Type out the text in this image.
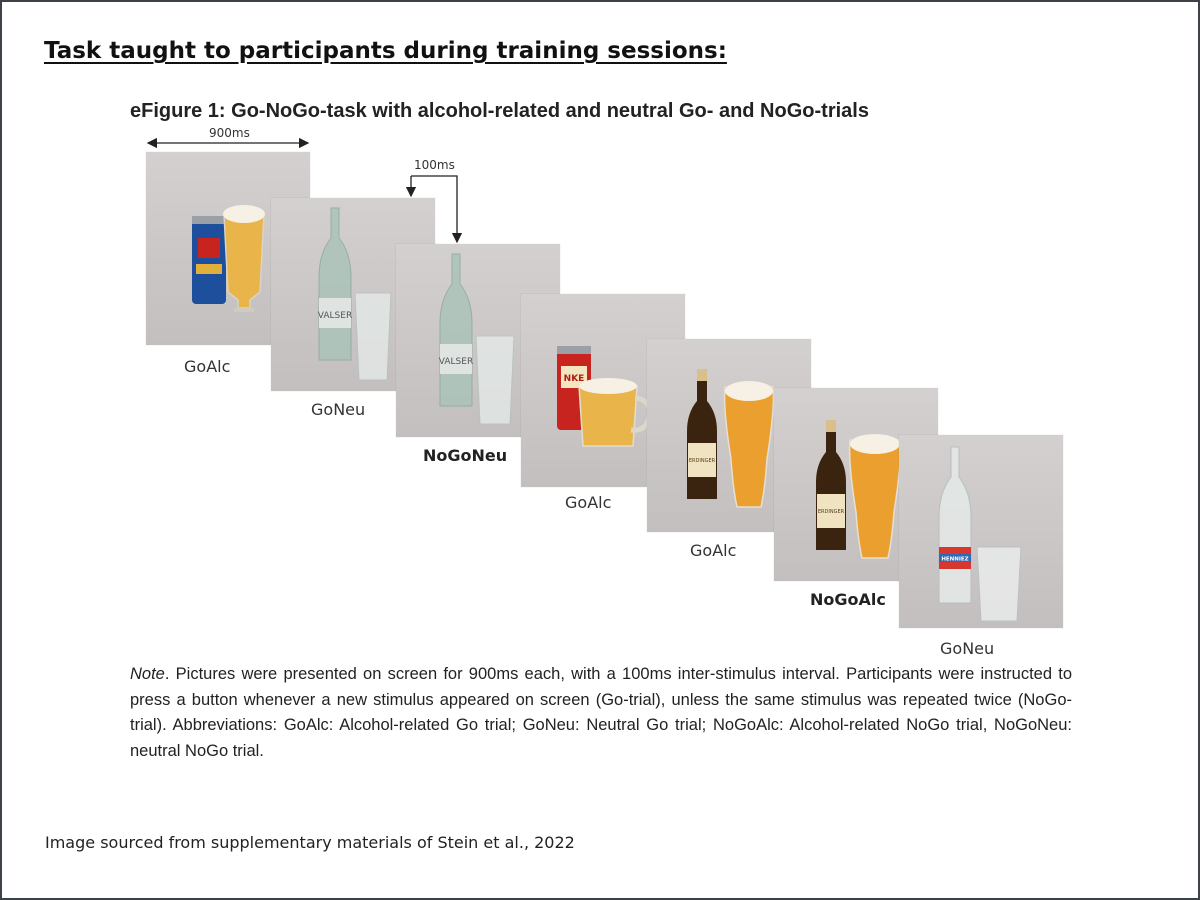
Task taught to participants during training sessions:
eFigure 1: Go-NoGo-task with alcohol-related and neutral Go- and NoGo-trials
900ms
100ms
GoAlc
VALSER
GoNeu
VALSER
NoGoNeu
NKE
GoAlc
ERDINGER
GoAlc
ERDINGER
NoGoAlc
HENNIEZ
GoNeu

Note. Pictures were presented on screen for 900ms each, with a 100ms inter-stimulus interval. Participants were instructed to press a button whenever a new stimulus appeared on screen (Go-trial), unless the same stimulus was repeated twice (NoGo-trial). Abbreviations: GoAlc: Alcohol-related Go trial; GoNeu: Neutral Go trial; NoGoAlc: Alcohol-related NoGo trial, NoGoNeu: neutral NoGo trial.

Image sourced from supplementary materials of Stein et al., 2022
